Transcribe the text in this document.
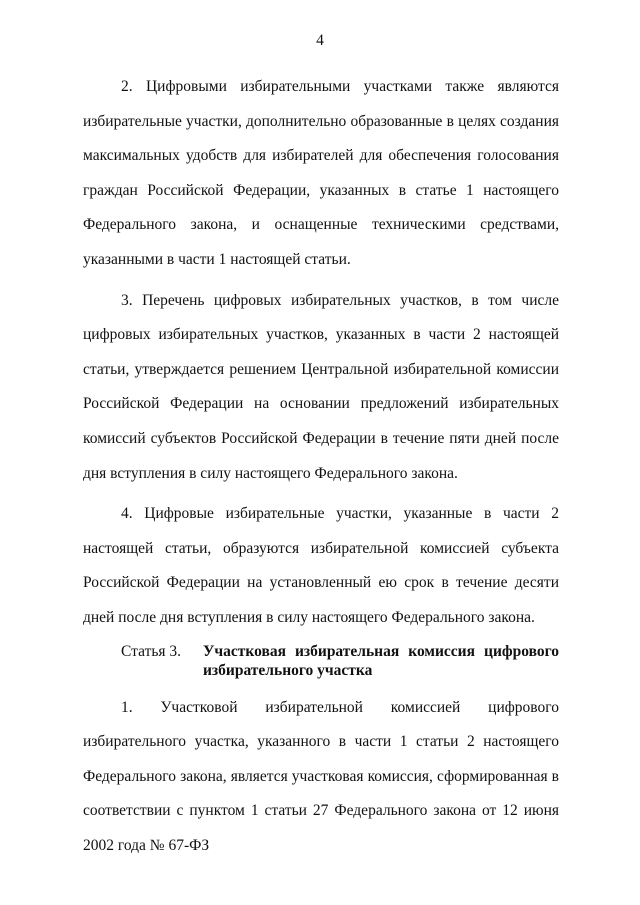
4

2. Цифровыми избирательными участками также являются избирательные участки, дополнительно образованные в целях создания максимальных удобств для избирателей для обеспечения голосования граждан Российской Федерации, указанных в статье 1 настоящего Федерального закона, и оснащенные техническими средствами, указанными в части 1 настоящей статьи.

3. Перечень цифровых избирательных участков, в том числе цифровых избирательных участков, указанных в части 2 настоящей статьи, утверждается решением Центральной избирательной комиссии Российской Федерации на основании предложений избирательных комиссий субъектов Российской Федерации в течение пяти дней после дня вступления в силу настоящего Федерального закона.

4. Цифровые избирательные участки, указанные в части 2 настоящей статьи, образуются избирательной комиссией субъекта Российской Федерации на установленный ею срок в течение десяти дней после дня вступления в силу настоящего Федерального закона.

Статья 3.	Участковая избирательная комиссия цифрового избирательного участка

1. Участковой избирательной комиссией цифрового избирательного участка, указанного в части 1 статьи 2 настоящего Федерального закона, является участковая комиссия, сформированная в соответствии с пунктом 1 статьи 27 Федерального закона от 12 июня 2002 года № 67-ФЗ
